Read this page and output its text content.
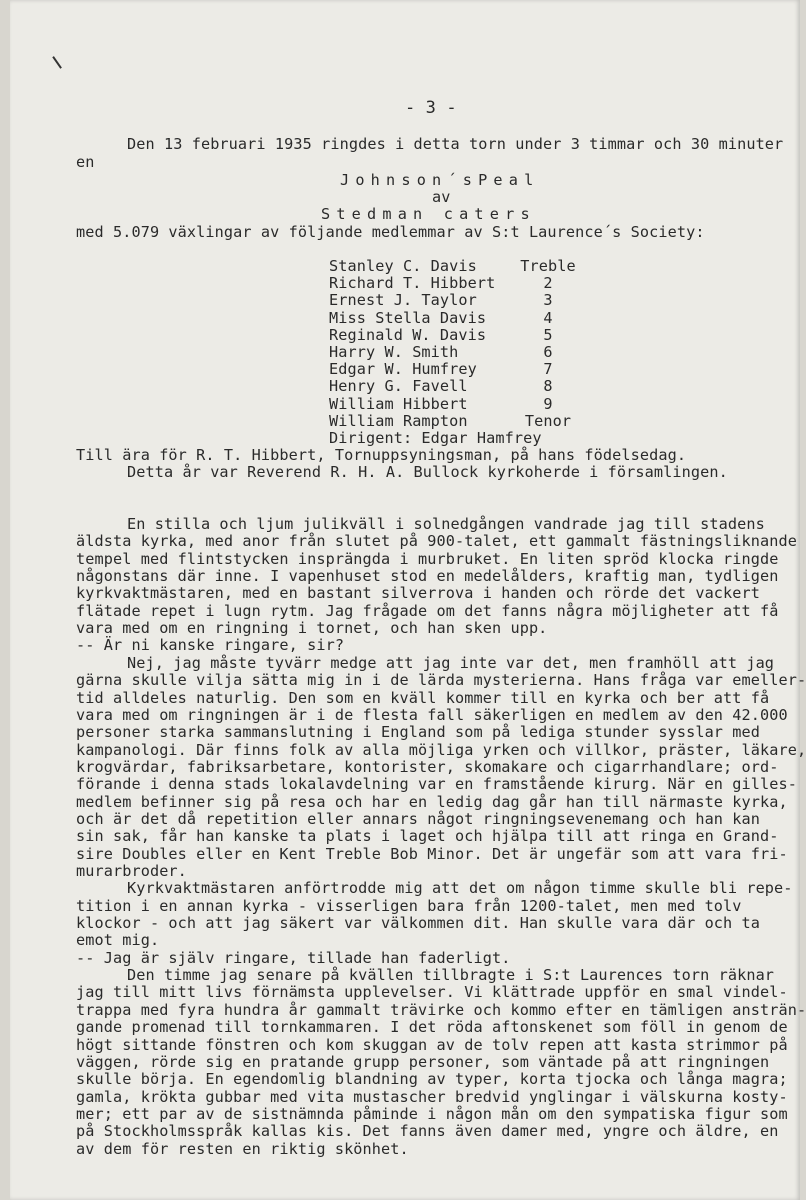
- 3 -
Den 13 februari 1935 ringdes i detta torn under 3 timmar och 30 minuter
en
Johnson´sPeal
av
Stedman caters
med 5.079 växlingar av följande medlemmar av S:t Laurence´s Society:
Stanley C. Davis	Treble
Richard T. Hibbert	2
Ernest J. Taylor	3
Miss Stella Davis	4
Reginald W. Davis	5
Harry W. Smith	6
Edgar W. Humfrey	7
Henry G. Favell	8
William Hibbert	9
William Rampton	Tenor
Dirigent: Edgar Hamfrey
Till ära för R. T. Hibbert, Tornuppsyningsman, på hans födelsedag.
Detta år var Reverend R. H. A. Bullock kyrkoherde i församlingen.
En stilla och ljum julikväll i solnedgången vandrade jag till stadens
äldsta kyrka, med anor från slutet på 900-talet, ett gammalt fästningsliknande
tempel med flintstycken insprängda i murbruket. En liten spröd klocka ringde
någonstans där inne. I vapenhuset stod en medelålders, kraftig man, tydligen
kyrkvaktmästaren, med en bastant silverrova i handen och rörde det vackert
flätade repet i lugn rytm. Jag frågade om det fanns några möjligheter att få
vara med om en ringning i tornet, och han sken upp.
-- Är ni kanske ringare, sir?
Nej, jag måste tyvärr medge att jag inte var det, men framhöll att jag
gärna skulle vilja sätta mig in i de lärda mysterierna. Hans fråga var emeller-
tid alldeles naturlig. Den som en kväll kommer till en kyrka och ber att få
vara med om ringningen är i de flesta fall säkerligen en medlem av den 42.000
personer starka sammanslutning i England som på lediga stunder sysslar med
kampanologi. Där finns folk av alla möjliga yrken och villkor, präster, läkare,
krogvärdar, fabriksarbetare, kontorister, skomakare och cigarrhandlare; ord-
förande i denna stads lokalavdelning var en framstående kirurg. När en gilles-
medlem befinner sig på resa och har en ledig dag går han till närmaste kyrka,
och är det då repetition eller annars något ringningsevenemang och han kan
sin sak, får han kanske ta plats i laget och hjälpa till att ringa en Grand-
sire Doubles eller en Kent Treble Bob Minor. Det är ungefär som att vara fri-
murarbroder.
Kyrkvaktmästaren anförtrodde mig att det om någon timme skulle bli repe-
tition i en annan kyrka - visserligen bara från 1200-talet, men med tolv
klockor - och att jag säkert var välkommen dit. Han skulle vara där och ta
emot mig.
-- Jag är själv ringare, tillade han faderligt.
Den timme jag senare på kvällen tillbragte i S:t Laurences torn räknar
jag till mitt livs förnämsta upplevelser. Vi klättrade uppför en smal vindel-
trappa med fyra hundra år gammalt trävirke och kommo efter en tämligen ansträn-
gande promenad till tornkammaren. I det röda aftonskenet som föll in genom de
högt sittande fönstren och kom skuggan av de tolv repen att kasta strimmor på
väggen, rörde sig en pratande grupp personer, som väntade på att ringningen
skulle börja. En egendomlig blandning av typer, korta tjocka och långa magra;
gamla, krökta gubbar med vita mustascher bredvid ynglingar i välskurna kosty-
mer; ett par av de sistnämnda påminde i någon mån om den sympatiska figur som
på Stockholmsspråk kallas kis. Det fanns även damer med, yngre och äldre, en
av dem för resten en riktig skönhet.
